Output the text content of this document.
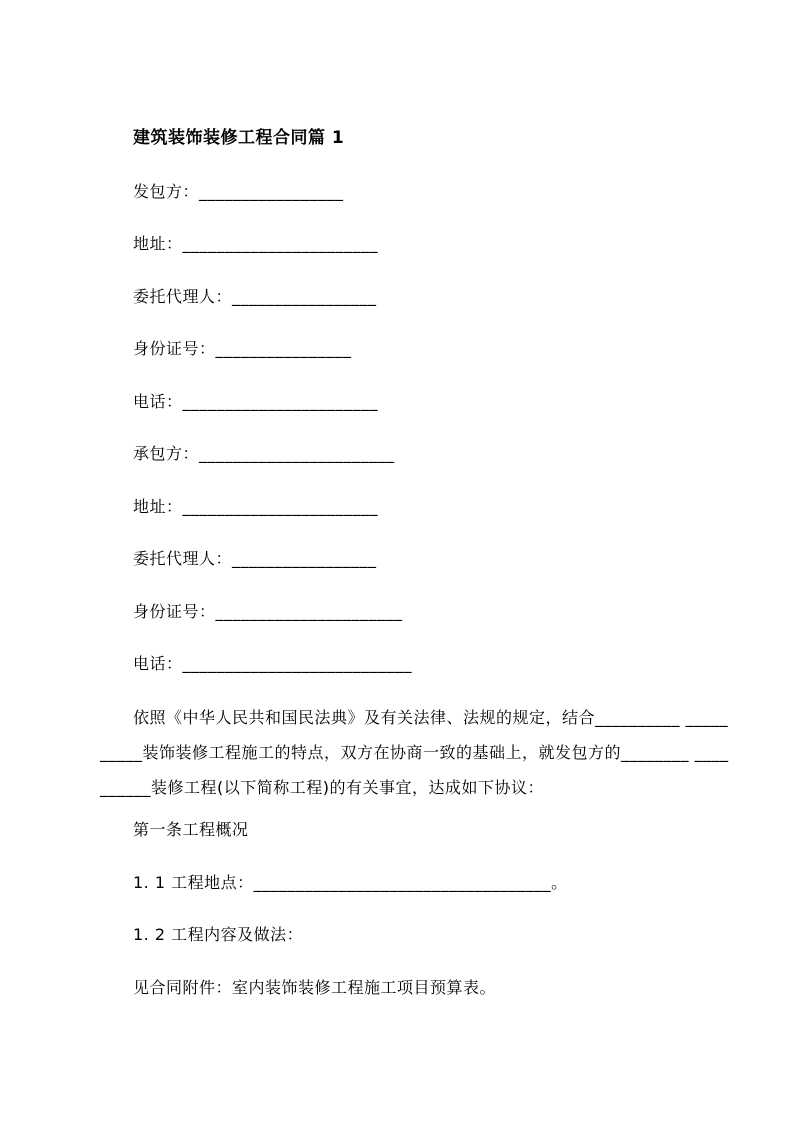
建筑装饰装修工程合同篇 1
发包方：_________________
地址：_______________________
委托代理人：_________________
身份证号：________________
电话：_______________________
承包方：_______________________
地址：_______________________
委托代理人：_________________
身份证号：______________________
电话：___________________________
依照《中华人民共和国民法典》及有关法律、法规的规定，结合__________ _____
_____装饰装修工程施工的特点，双方在协商一致的基础上，就发包方的________ ____
______装修工程(以下简称工程)的有关事宜，达成如下协议：
第一条工程概况
1. 1 工程地点：___________________________________。
1. 2 工程内容及做法：
见合同附件：室内装饰装修工程施工项目预算表。
